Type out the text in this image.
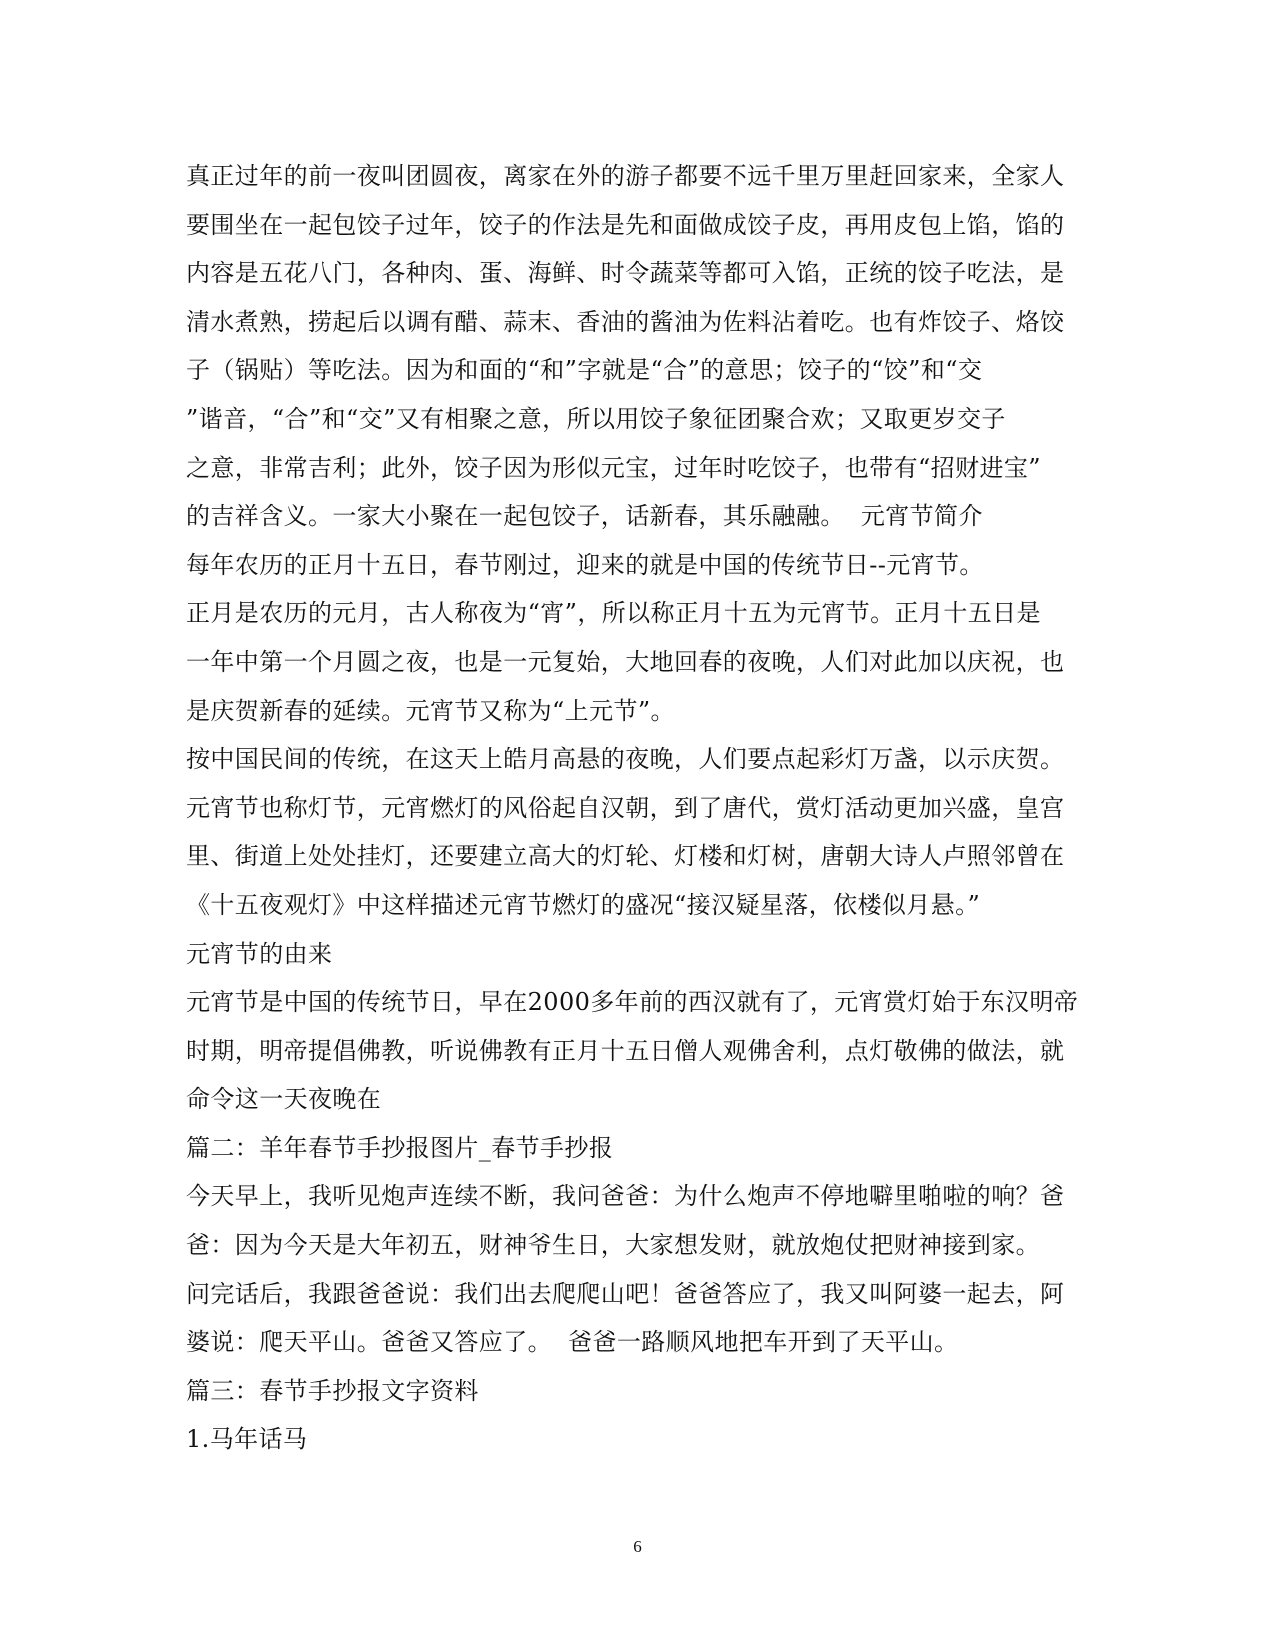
真正过年的前一夜叫团圆夜，离家在外的游子都要不远千里万里赶回家来，全家人
要围坐在一起包饺子过年，饺子的作法是先和面做成饺子皮，再用皮包上馅，馅的
内容是五花八门，各种肉、蛋、海鲜、时令蔬菜等都可入馅，正统的饺子吃法，是
清水煮熟，捞起后以调有醋、蒜末、香油的酱油为佐料沾着吃。也有炸饺子、烙饺
子（锅贴）等吃法。因为和面的“和”字就是“合”的意思；饺子的“饺”和“交
”谐音，“合”和“交”又有相聚之意，所以用饺子象征团聚合欢；又取更岁交子
之意，非常吉利；此外，饺子因为形似元宝，过年时吃饺子，也带有“招财进宝”
的吉祥含义。一家大小聚在一起包饺子，话新春，其乐融融。  元宵节简介
每年农历的正月十五日，春节刚过，迎来的就是中国的传统节日--元宵节。
正月是农历的元月，古人称夜为“宵”，所以称正月十五为元宵节。正月十五日是
一年中第一个月圆之夜，也是一元复始，大地回春的夜晚，人们对此加以庆祝，也
是庆贺新春的延续。元宵节又称为“上元节”。
按中国民间的传统，在这天上皓月高悬的夜晚，人们要点起彩灯万盏，以示庆贺。
元宵节也称灯节，元宵燃灯的风俗起自汉朝，到了唐代，赏灯活动更加兴盛，皇宫
里、街道上处处挂灯，还要建立高大的灯轮、灯楼和灯树，唐朝大诗人卢照邻曾在
《十五夜观灯》中这样描述元宵节燃灯的盛况“接汉疑星落，依楼似月悬。”
元宵节的由来
元宵节是中国的传统节日，早在2000多年前的西汉就有了，元宵赏灯始于东汉明帝
时期，明帝提倡佛教，听说佛教有正月十五日僧人观佛舍利，点灯敬佛的做法，就
命令这一天夜晚在
篇二：羊年春节手抄报图片_春节手抄报
今天早上，我听见炮声连续不断，我问爸爸：为什么炮声不停地噼里啪啦的响？爸
爸：因为今天是大年初五，财神爷生日，大家想发财，就放炮仗把财神接到家。
问完话后，我跟爸爸说：我们出去爬爬山吧！爸爸答应了，我又叫阿婆一起去，阿
婆说：爬天平山。爸爸又答应了。  爸爸一路顺风地把车开到了天平山。
篇三：春节手抄报文字资料
1.马年话马
6
